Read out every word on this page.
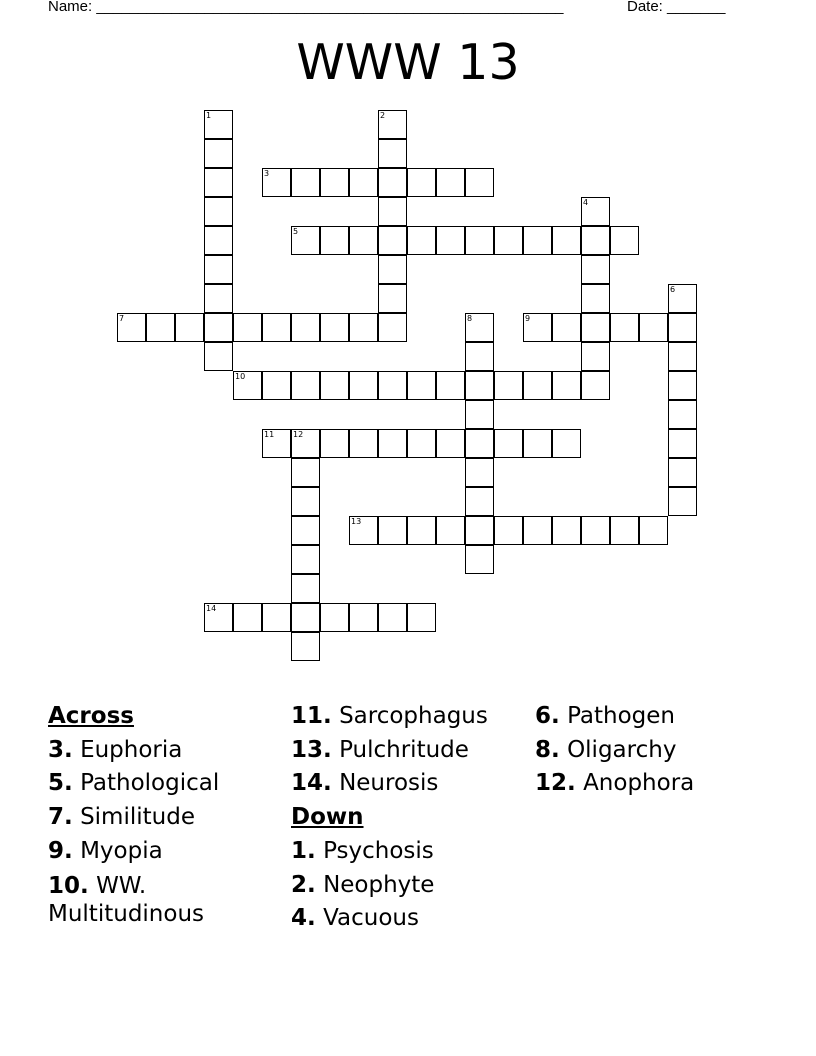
Name: ________________________________________________________	Date: _______
WWW 13
1	2
3
4
5
6
7	8	9
10
11 12
13
14
Across
3. Euphoria
5. Pathological
7. Similitude
9. Myopia
10. WW. Multitudinous
11. Sarcophagus
13. Pulchritude
14. Neurosis
Down
1. Psychosis
2. Neophyte
4. Vacuous
6. Pathogen
8. Oligarchy
12. Anophora
